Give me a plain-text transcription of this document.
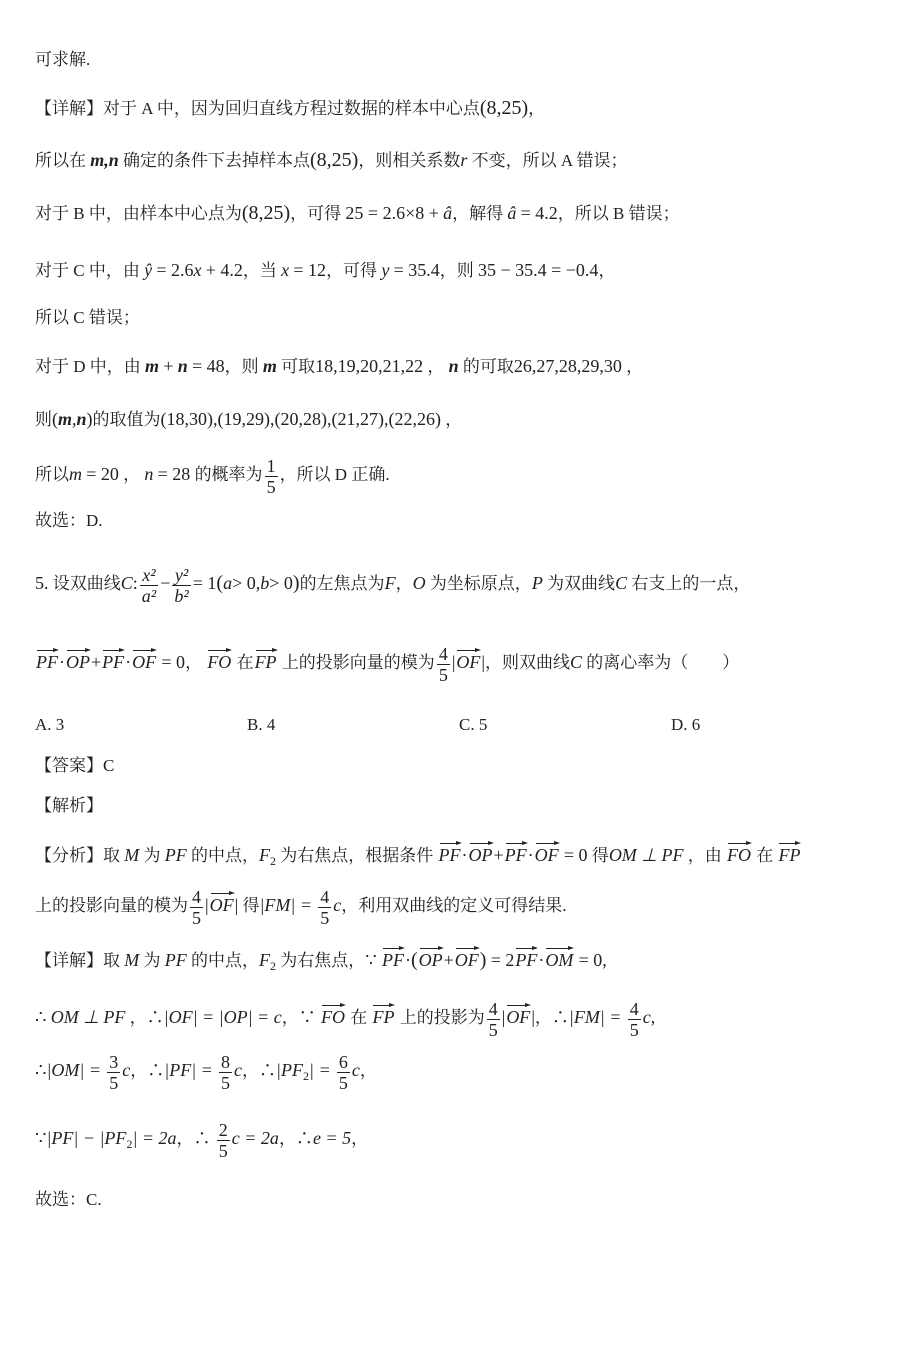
可求解.
【详解】对于 A 中，因为回归直线方程过数据的样本中心点(8,25)，
所以在 m,n 确定的条件下去掉样本点(8,25)，则相关系数r 不变，所以 A 错误；
对于 B 中，由样本中心点为(8,25)，可得 25 = 2.6×8 + â，解得 â = 4.2，所以 B 错误；
对于 C 中，由 ŷ = 2.6x + 4.2，当 x = 12，可得 y = 35.4，则 35 − 35.4 = −0.4，
所以 C 错误；
对于 D 中，由 m + n = 48，则 m 可取18,19,20,21,22 ， n 的可取26,27,28,29,30 ，
则(m,n)的取值为(18,30),(19,29),(20,28),(21,27),(22,26) ，
所以m = 20 ， n = 28 的概率为 $\frac{1}{5}$ ，所以 D 正确.
故选：D.
5. 设双曲线C: $\frac{\text{x²}}{\text{a²}} - \frac{\text{y²}}{\text{b²}} = 1(a> 0,b> 0)$的左焦点为F，O 为坐标原点，P 为双曲线C 右支上的一点，
PF·OP+PF·OF = 0， FO 在FP 上的投影向量的模为 $\frac{4}{5} |OF|$，则双曲线C 的离心率为（　　）
A. 3	B. 4	C. 5	D. 6
【答案】C
【解析】
【分析】取 M 为 PF 的中点，$F_2$ 为右焦点，根据条件 PF·OP+PF·OF = 0 得OM ⊥ PF ，由 FO 在 FP
上的投影向量的模为 $\frac{4}{5} |OF|$ 得$|FM| = \frac{4}{5}$ c，利用双曲线的定义可得结果.
【详解】取 M 为 PF 的中点，$F_2$ 为右焦点，∵ PF·(OP+OF) = 2PF·OM = 0,
∴ OM ⊥ PF ，∴|OF| = |OP| = c，∵ FO 在 FP 上的投影为 $\frac{4}{5} |OF|$，∴|FM| = $\frac{4}{5} c$,
∴|OM| = $\frac{3}{5}$ c，∴|PF| = $\frac{8}{5}$ c，$\therefore|PF_2| = \frac{6}{5}$ c，
∵|PF| − $|PF_2| = 2a$，∴ $\frac{2}{5}$ c = 2a，∴e = 5，
故选：C.
